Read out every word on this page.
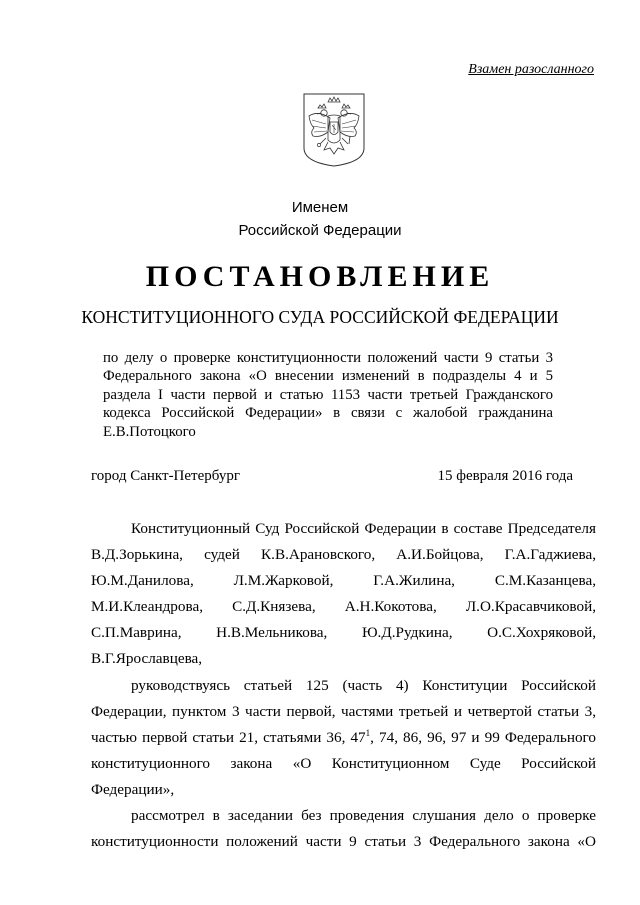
Взамен разосланного
Именем
Российской Федерации
ПОСТАНОВЛЕНИЕ
КОНСТИТУЦИОННОГО СУДА РОССИЙСКОЙ ФЕДЕРАЦИИ
по делу о проверке конституционности положений части 9 статьи 3
Федерального закона «О внесении изменений в подразделы 4 и 5
раздела I части первой и статью 1153 части третьей Гражданского
кодекса Российской Федерации» в связи с жалобой гражданина
Е.В.Потоцкого
город Санкт-Петербург	15 февраля 2016 года
Конституционный Суд Российской Федерации в составе Председателя
В.Д.Зорькина, судей К.В.Арановского, А.И.Бойцова, Г.А.Гаджиева,
Ю.М.Данилова, Л.М.Жарковой, Г.А.Жилина, С.М.Казанцева,
М.И.Клеандрова, С.Д.Князева, А.Н.Кокотова, Л.О.Красавчиковой,
С.П.Маврина, Н.В.Мельникова, Ю.Д.Рудкина, О.С.Хохряковой,
В.Г.Ярославцева,
руководствуясь статьей 125 (часть 4) Конституции Российской
Федерации, пунктом 3 части первой, частями третьей и четвертой статьи 3,
частью первой статьи 21, статьями 36, $47^1$, 74, 86, 96, 97 и 99 Федерального
конституционного закона «О Конституционном Суде Российской
Федерации»,
рассмотрел в заседании без проведения слушания дело о проверке
конституционности положений части 9 статьи 3 Федерального закона «О
